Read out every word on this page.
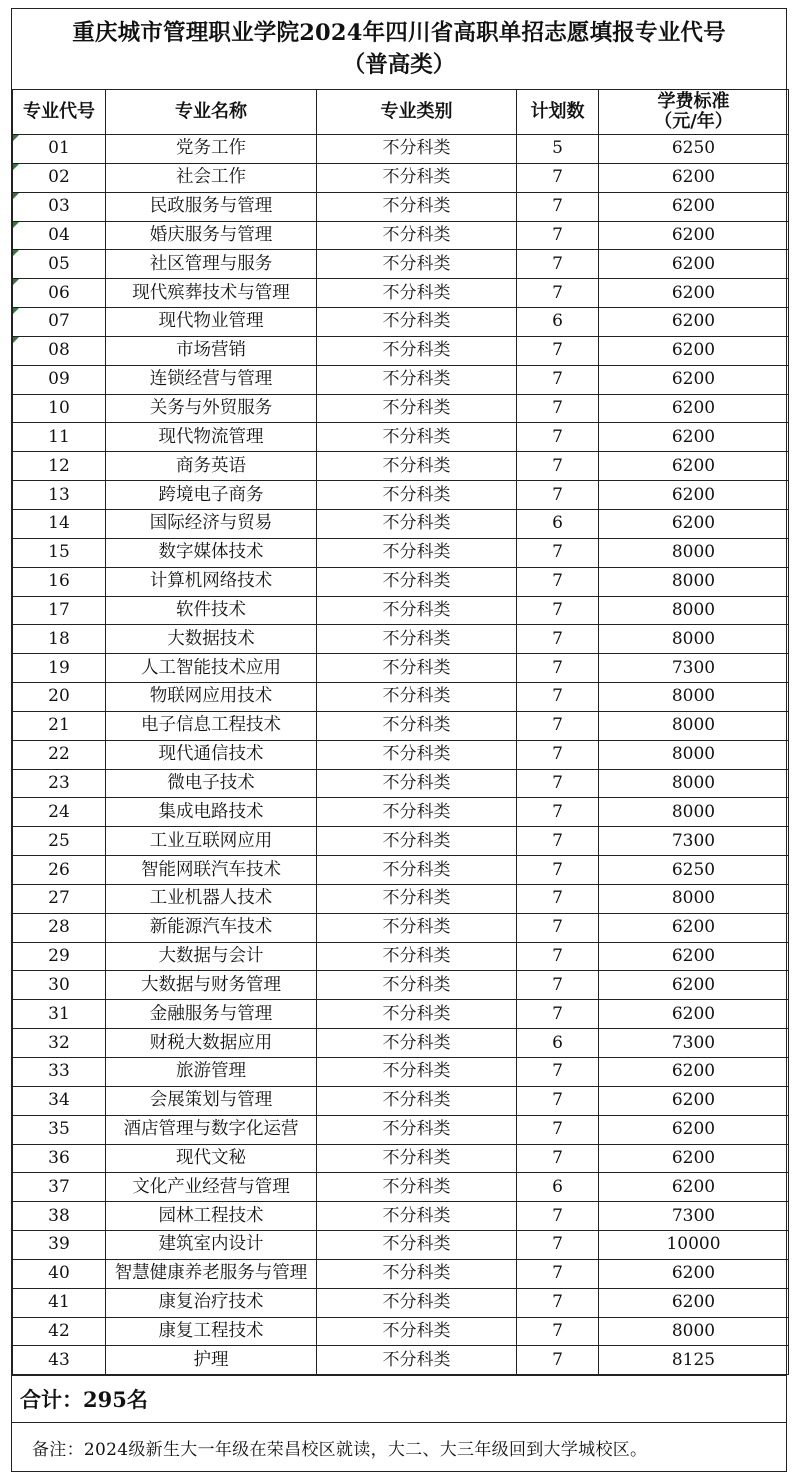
重庆城市管理职业学院2024年四川省高职单招志愿填报专业代号
（普高类）
专业代号	专业名称	专业类别	计划数	学费标准
（元/年）

01	党务工作	不分科类	5	6250
02	社会工作	不分科类	7	6200
03	民政服务与管理	不分科类	7	6200
04	婚庆服务与管理	不分科类	7	6200
05	社区管理与服务	不分科类	7	6200
06	现代殡葬技术与管理	不分科类	7	6200
07	现代物业管理	不分科类	6	6200
08	市场营销	不分科类	7	6200
09	连锁经营与管理	不分科类	7	6200
10	关务与外贸服务	不分科类	7	6200
11	现代物流管理	不分科类	7	6200
12	商务英语	不分科类	7	6200
13	跨境电子商务	不分科类	7	6200
14	国际经济与贸易	不分科类	6	6200
15	数字媒体技术	不分科类	7	8000
16	计算机网络技术	不分科类	7	8000
17	软件技术	不分科类	7	8000
18	大数据技术	不分科类	7	8000
19	人工智能技术应用	不分科类	7	7300
20	物联网应用技术	不分科类	7	8000
21	电子信息工程技术	不分科类	7	8000
22	现代通信技术	不分科类	7	8000
23	微电子技术	不分科类	7	8000
24	集成电路技术	不分科类	7	8000
25	工业互联网应用	不分科类	7	7300
26	智能网联汽车技术	不分科类	7	6250
27	工业机器人技术	不分科类	7	8000
28	新能源汽车技术	不分科类	7	6200
29	大数据与会计	不分科类	7	6200
30	大数据与财务管理	不分科类	7	6200
31	金融服务与管理	不分科类	7	6200
32	财税大数据应用	不分科类	6	7300
33	旅游管理	不分科类	7	6200
34	会展策划与管理	不分科类	7	6200
35	酒店管理与数字化运营	不分科类	7	6200
36	现代文秘	不分科类	7	6200
37	文化产业经营与管理	不分科类	6	6200
38	园林工程技术	不分科类	7	7300
39	建筑室内设计	不分科类	7	10000
40	智慧健康养老服务与管理	不分科类	7	6200
41	康复治疗技术	不分科类	7	6200
42	康复工程技术	不分科类	7	8000
43	护理	不分科类	7	8125
合计：295名
备注：2024级新生大一年级在荣昌校区就读，大二、大三年级回到大学城校区。
